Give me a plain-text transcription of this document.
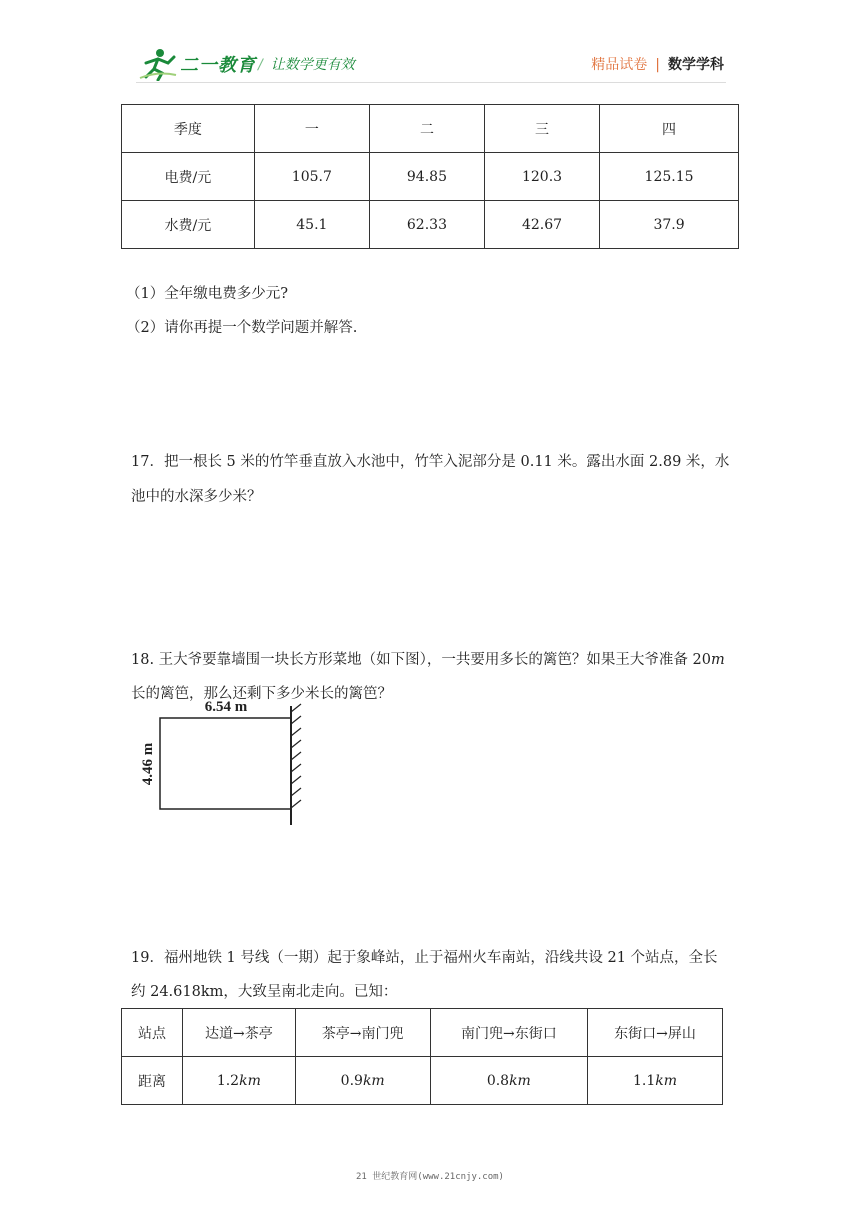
二一教育 / 让数学更有效	精品试卷 | 数学学科
季度	一	二	三	四
电费/元	105.7	94.85	120.3	125.15
水费/元	45.1	62.33	42.67	37.9
（1）全年缴电费多少元?
（2）请你再提一个数学问题并解答.
17．把一根长 5 米的竹竿垂直放入水池中，竹竿入泥部分是 0.11 米。露出水面 2.89 米，水
池中的水深多少米？
18. 王大爷要靠墙围一块长方形菜地（如下图），一共要用多长的篱笆？如果王大爷准备 20m
长的篱笆，那么还剩下多少米长的篱笆？
6.54 m
4.46 m
19．福州地铁 1 号线（一期）起于象峰站，止于福州火车南站，沿线共设 21 个站点，全长
约 24.618km，大致呈南北走向。已知：
站点	达道→茶亭	茶亭→南门兜	南门兜→东街口	东街口→屏山
距离	1.2km	0.9km	0.8km	1.1km
21 世纪教育网(www.21cnjy.com)
